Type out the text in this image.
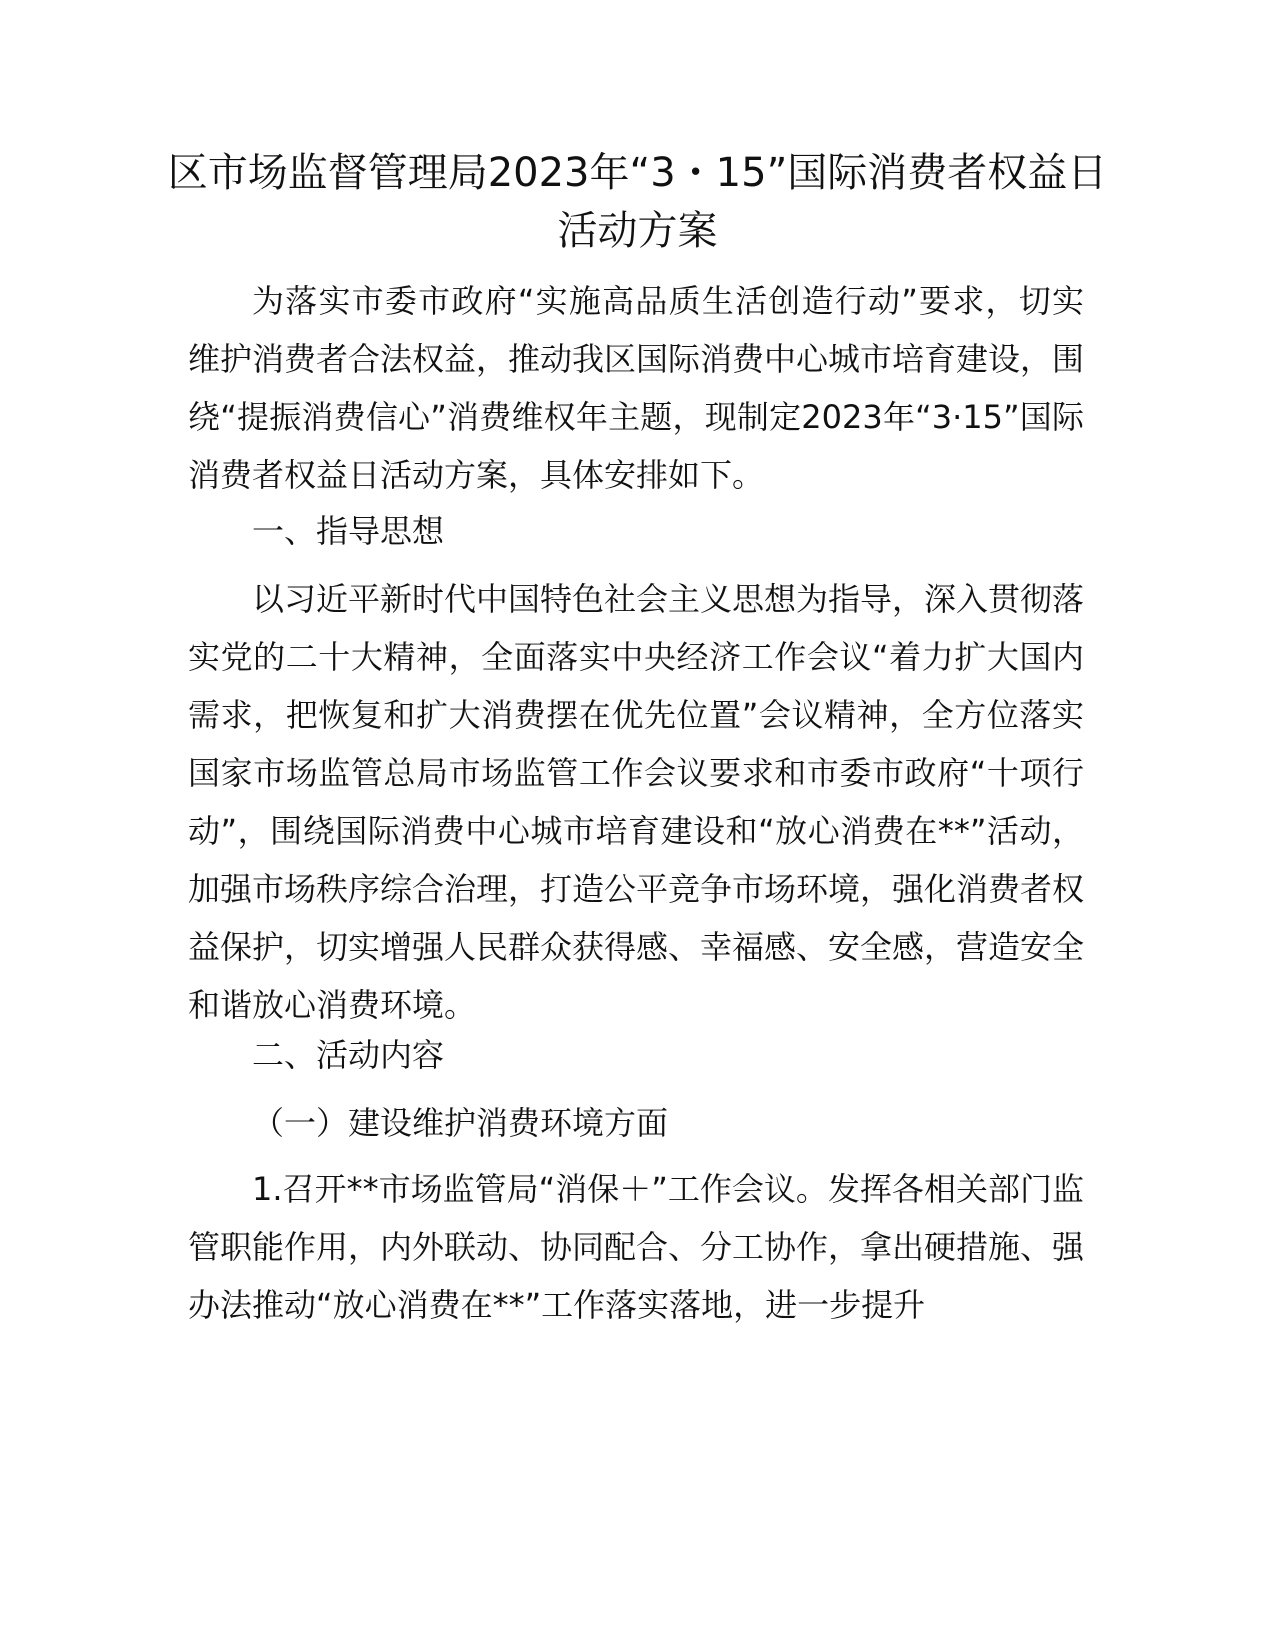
区市场监督管理局2023年“3・15”国际消费者权益日活动方案

为落实市委市政府“实施高品质生活创造行动”要求，切实维护消费者合法权益，推动我区国际消费中心城市培育建设，围绕“提振消费信心”消费维权年主题，现制定2023年“3·15”国际消费者权益日活动方案，具体安排如下。

一、指导思想

以习近平新时代中国特色社会主义思想为指导，深入贯彻落实党的二十大精神，全面落实中央经济工作会议“着力扩大国内需求，把恢复和扩大消费摆在优先位置”会议精神，全方位落实国家市场监管总局市场监管工作会议要求和市委市政府“十项行动”，围绕国际消费中心城市培育建设和“放心消费在**”活动，加强市场秩序综合治理，打造公平竞争市场环境，强化消费者权益保护，切实增强人民群众获得感、幸福感、安全感，营造安全和谐放心消费环境。

二、活动内容

（一）建设维护消费环境方面

1.召开**市场监管局“消保＋”工作会议。发挥各相关部门监管职能作用，内外联动、协同配合、分工协作，拿出硬措施、强办法推动“放心消费在**”工作落实落地，进一步提升
